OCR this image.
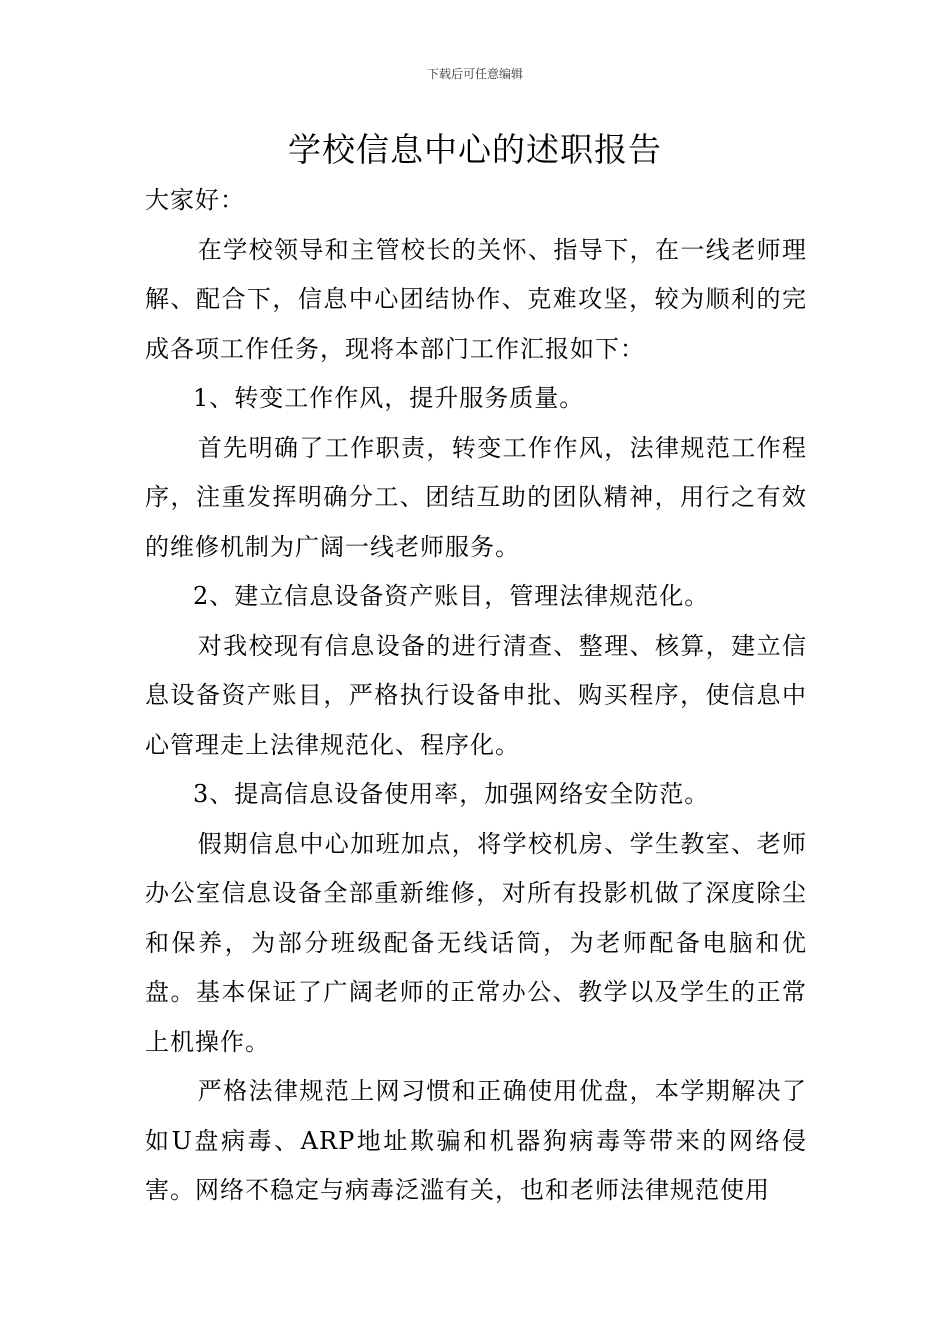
下载后可任意编辑
学校信息中心的述职报告

大家好：

在学校领导和主管校长的关怀、指导下，在一线老师理解、配合下，信息中心团结协作、克难攻坚，较为顺利的完成各项工作任务，现将本部门工作汇报如下：

1、转变工作作风，提升服务质量。

首先明确了工作职责，转变工作作风，法律规范工作程序，注重发挥明确分工、团结互助的团队精神，用行之有效的维修机制为广阔一线老师服务。

2、建立信息设备资产账目，管理法律规范化。

对我校现有信息设备的进行清查、整理、核算，建立信息设备资产账目，严格执行设备申批、购买程序，使信息中心管理走上法律规范化、程序化。

3、提高信息设备使用率，加强网络安全防范。

假期信息中心加班加点，将学校机房、学生教室、老师办公室信息设备全部重新维修，对所有投影机做了深度除尘和保养，为部分班级配备无线话筒，为老师配备电脑和优盘。基本保证了广阔老师的正常办公、教学以及学生的正常上机操作。

严格法律规范上网习惯和正确使用优盘，本学期解决了如U盘病毒、ARP地址欺骗和机器狗病毒等带来的网络侵害。网络不稳定与病毒泛滥有关，也和老师法律规范使用
